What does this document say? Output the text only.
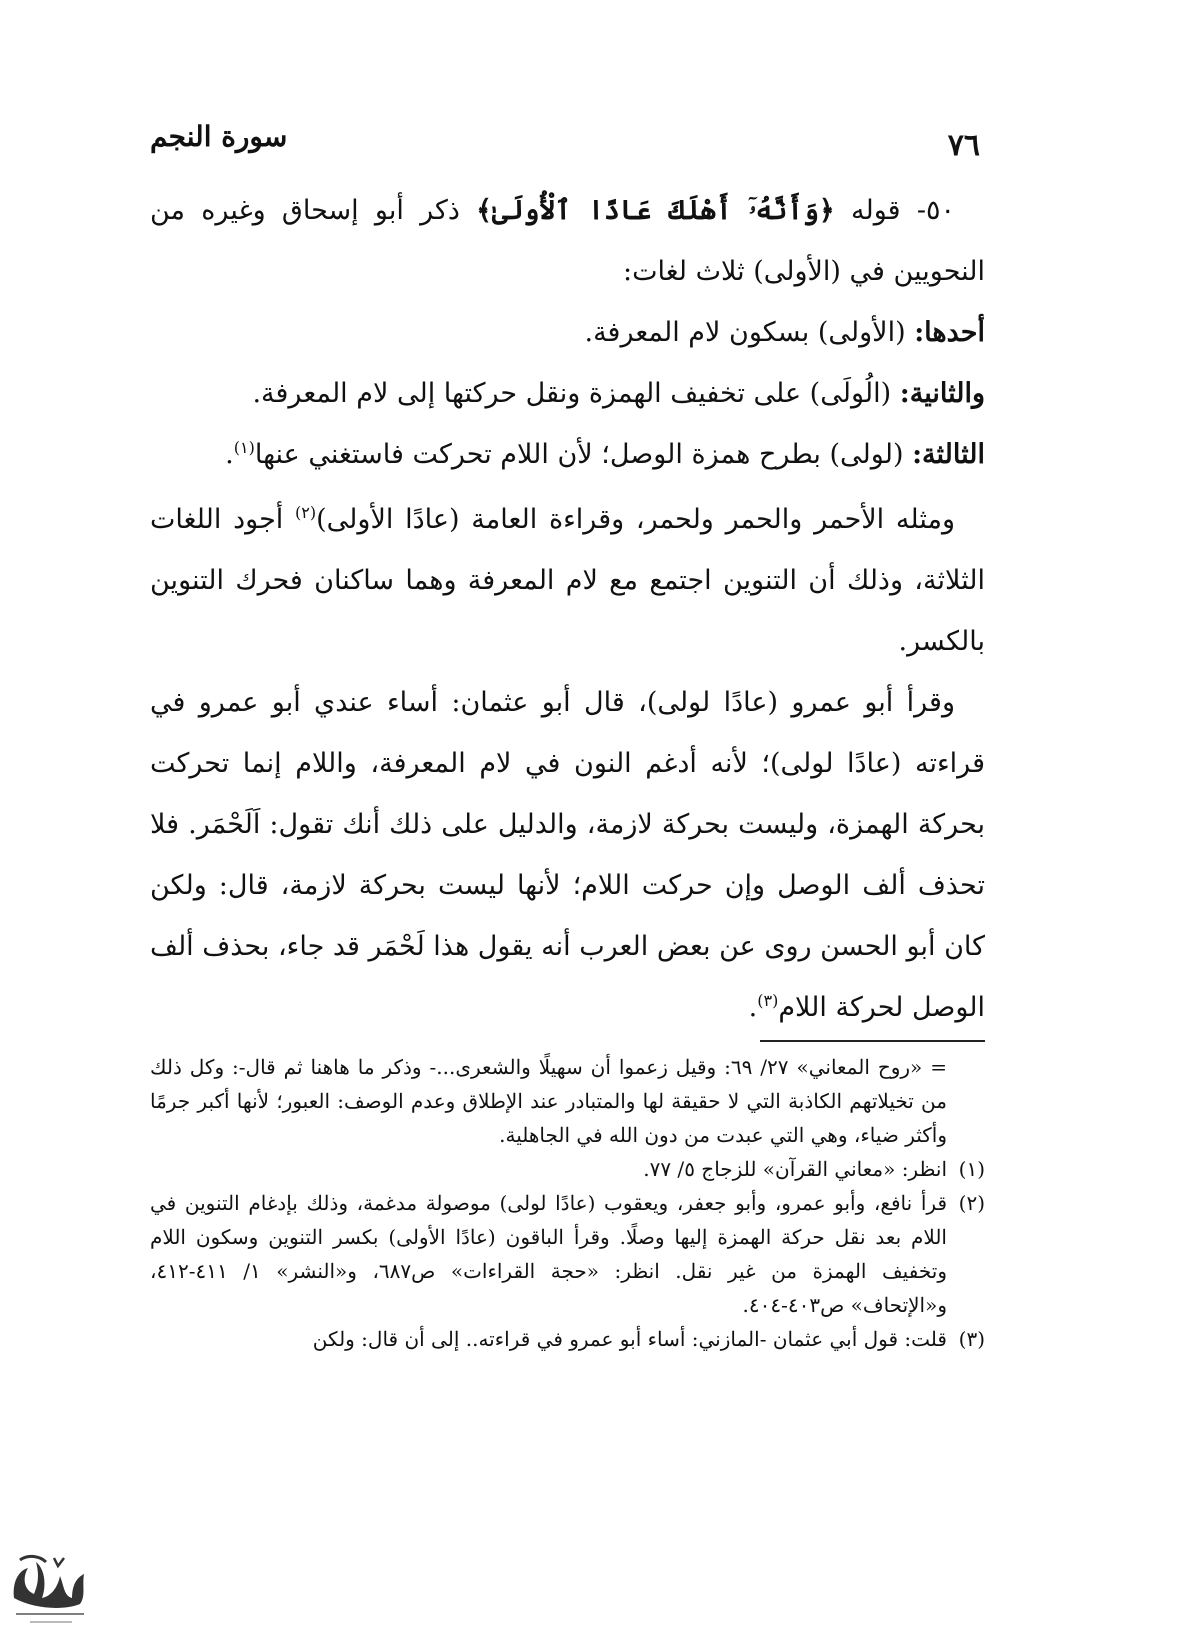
٧٦
سورة النجم

٥٠- قوله ﴿وَأَنَّهُۥٓ أَهْلَكَ عَادًا ٱلْأُولَىٰ﴾ ذكر أبو إسحاق وغيره من النحويين في (الأولى) ثلاث لغات:

أحدها: (الأولى) بسكون لام المعرفة.

والثانية: (الُولَى) على تخفيف الهمزة ونقل حركتها إلى لام المعرفة.

الثالثة: (لولى) بطرح همزة الوصل؛ لأن اللام تحركت فاستغني عنها$^{(١)}$.

ومثله الأحمر والحمر ولحمر، وقراءة العامة (عادًا الأولى)$^{(٢)}$ أجود اللغات الثلاثة، وذلك أن التنوين اجتمع مع لام المعرفة وهما ساكنان فحرك التنوين بالكسر.

وقرأ أبو عمرو (عادًا لولى)، قال أبو عثمان: أساء عندي أبو عمرو في قراءته (عادًا لولى)؛ لأنه أدغم النون في لام المعرفة، واللام إنما تحركت بحركة الهمزة، وليست بحركة لازمة، والدليل على ذلك أنك تقول: اَلَحْمَر. فلا تحذف ألف الوصل وإن حركت اللام؛ لأنها ليست بحركة لازمة، قال: ولكن كان أبو الحسن روى عن بعض العرب أنه يقول هذا لَحْمَر قد جاء، بحذف ألف الوصل لحركة اللام$^{(٣)}$.

= «روح المعاني» ٢٧/ ٦٩: وقيل زعموا أن سهيلًا والشعرى...- وذكر ما هاهنا ثم قال-: وكل ذلك من تخيلاتهم الكاذبة التي لا حقيقة لها والمتبادر عند الإطلاق وعدم الوصف: العبور؛ لأنها أكبر جرمًا وأكثر ضياء، وهي التي عبدت من دون الله في الجاهلية.

(١)
انظر: «معاني القرآن» للزجاج ٥/ ٧٧.

(٢)
قرأ نافع، وأبو عمرو، وأبو جعفر، ويعقوب (عادًا لولى) موصولة مدغمة، وذلك بإدغام التنوين في اللام بعد نقل حركة الهمزة إليها وصلًا. وقرأ الباقون (عادًا الأولى) بكسر التنوين وسكون اللام وتخفيف الهمزة من غير نقل. انظر: «حجة القراءات» ص٦٨٧، و«النشر» ١/ ٤١١-٤١٢، و«الإتحاف» ص٤٠٣-٤٠٤.

(٣)
قلت: قول أبي عثمان -المازني: أساء أبو عمرو في قراءته.. إلى أن قال: ولكن
